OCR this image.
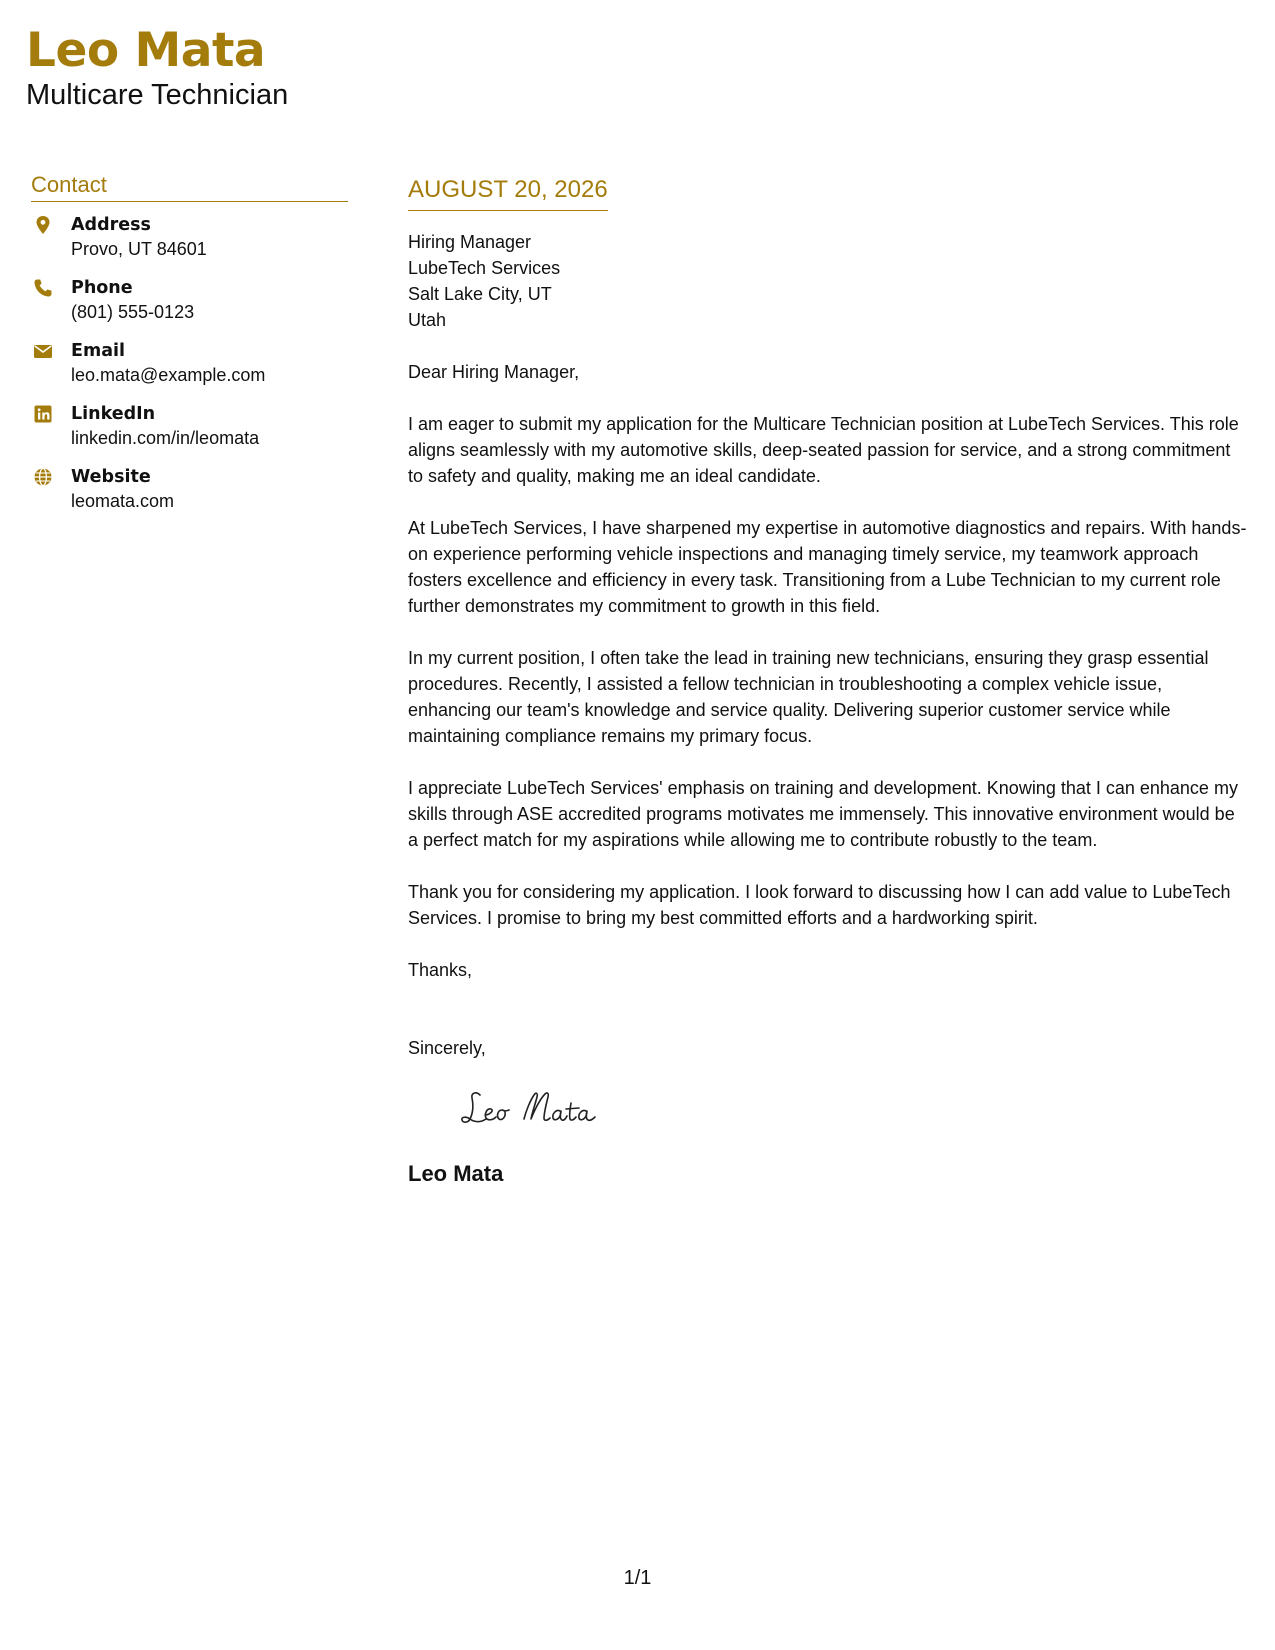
Leo Mata
Multicare Technician
Contact
Address
Provo, UT 84601
Phone
(801) 555-0123
Email
leo.mata@example.com
LinkedIn
linkedin.com/in/leomata
Website
leomata.com
AUGUST 20, 2026
Hiring Manager
LubeTech Services
Salt Lake City, UT
Utah
Dear Hiring Manager,
I am eager to submit my application for the Multicare Technician position at LubeTech Services. This role aligns seamlessly with my automotive skills, deep-seated passion for service, and a strong commitment to safety and quality, making me an ideal candidate.
At LubeTech Services, I have sharpened my expertise in automotive diagnostics and repairs. With hands-on experience performing vehicle inspections and managing timely service, my teamwork approach fosters excellence and efficiency in every task. Transitioning from a Lube Technician to my current role further demonstrates my commitment to growth in this field.
In my current position, I often take the lead in training new technicians, ensuring they grasp essential procedures. Recently, I assisted a fellow technician in troubleshooting a complex vehicle issue, enhancing our team's knowledge and service quality. Delivering superior customer service while maintaining compliance remains my primary focus.
I appreciate LubeTech Services' emphasis on training and development. Knowing that I can enhance my skills through ASE accredited programs motivates me immensely. This innovative environment would be a perfect match for my aspirations while allowing me to contribute robustly to the team.
Thank you for considering my application. I look forward to discussing how I can add value to LubeTech Services. I promise to bring my best committed efforts and a hardworking spirit.
Thanks,
Sincerely,
Leo Mata
1/1
